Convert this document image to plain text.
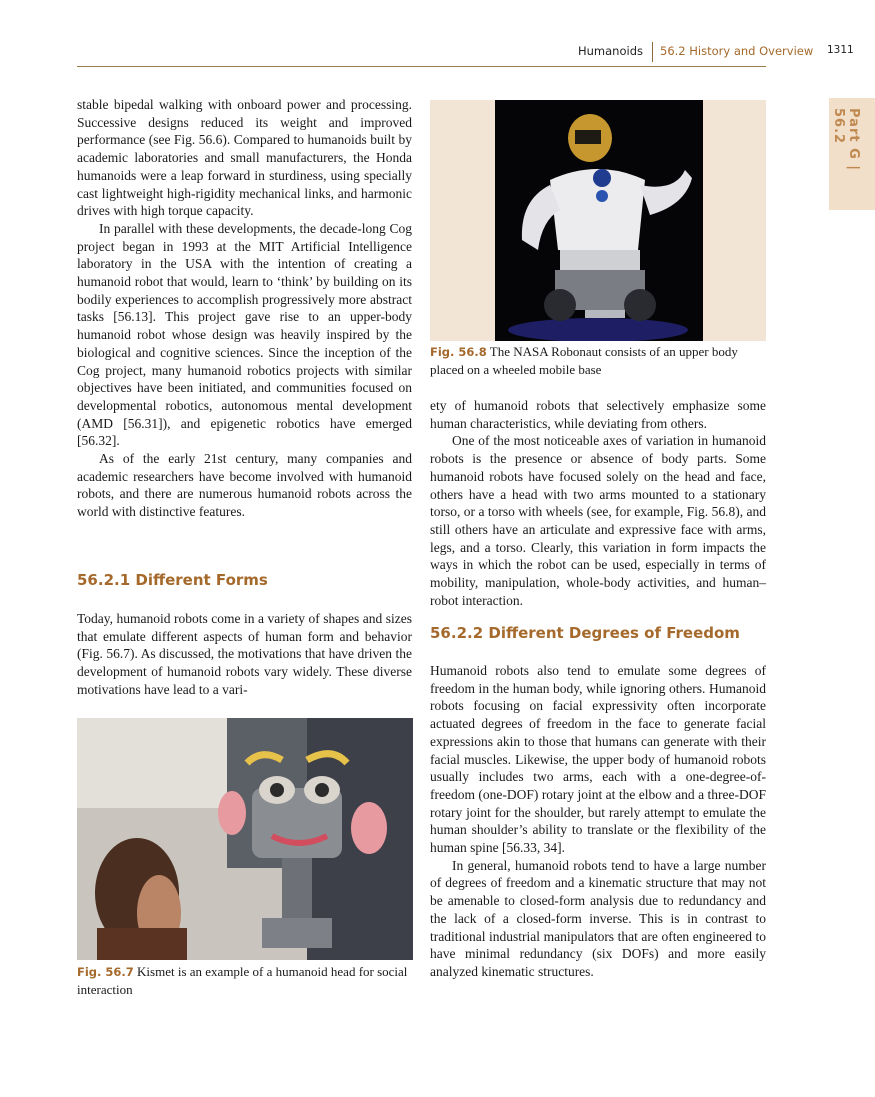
Humanoids 56.2 History and Overview 1311
Part G | 56.2

stable bipedal walking with onboard power and processing. Successive designs reduced its weight and improved performance (see Fig. 56.6). Compared to humanoids built by academic laboratories and small manufacturers, the Honda humanoids were a leap forward in sturdiness, using specially cast lightweight high-rigidity mechanical links, and harmonic drives with high torque capacity.

In parallel with these developments, the decade-long Cog project began in 1993 at the MIT Artificial Intelligence laboratory in the USA with the intention of creating a humanoid robot that would, learn to ‘think’ by building on its bodily experiences to accomplish progressively more abstract tasks [56.13]. This project gave rise to an upper-body humanoid robot whose design was heavily inspired by the biological and cognitive sciences. Since the inception of the Cog project, many humanoid robotics projects with similar objectives have been initiated, and communities focused on developmental robotics, autonomous mental development (AMD [56.31]), and epigenetic robotics have emerged [56.32].

As of the early 21st century, many companies and academic researchers have become involved with humanoid robots, and there are numerous humanoid robots across the world with distinctive features.

56.2.1 Different Forms

Today, humanoid robots come in a variety of shapes and sizes that emulate different aspects of human form and behavior (Fig. 56.7). As discussed, the motivations that have driven the development of humanoid robots vary widely. These diverse motivations have lead to a vari-

Fig. 56.7 Kismet is an example of a humanoid head for social interaction
Fig. 56.8 The NASA Robonaut consists of an upper body placed on a wheeled mobile base

ety of humanoid robots that selectively emphasize some human characteristics, while deviating from others.

One of the most noticeable axes of variation in humanoid robots is the presence or absence of body parts. Some humanoid robots have focused solely on the head and face, others have a head with two arms mounted to a stationary torso, or a torso with wheels (see, for example, Fig. 56.8), and still others have an articulate and expressive face with arms, legs, and a torso. Clearly, this variation in form impacts the ways in which the robot can be used, especially in terms of mobility, manipulation, whole-body activities, and human–robot interaction.

56.2.2 Different Degrees of Freedom

Humanoid robots also tend to emulate some degrees of freedom in the human body, while ignoring others. Humanoid robots focusing on facial expressivity often incorporate actuated degrees of freedom in the face to generate facial expressions akin to those that humans can generate with their facial muscles. Likewise, the upper body of humanoid robots usually includes two arms, each with a one-degree-of-freedom (one-DOF) rotary joint at the elbow and a three-DOF rotary joint for the shoulder, but rarely attempt to emulate the human shoulder’s ability to translate or the flexibility of the human spine [56.33, 34].

In general, humanoid robots tend to have a large number of degrees of freedom and a kinematic structure that may not be amenable to closed-form analysis due to redundancy and the lack of a closed-form inverse. This is in contrast to traditional industrial manipulators that are often engineered to have minimal redundancy (six DOFs) and more easily analyzed kinematic structures.
